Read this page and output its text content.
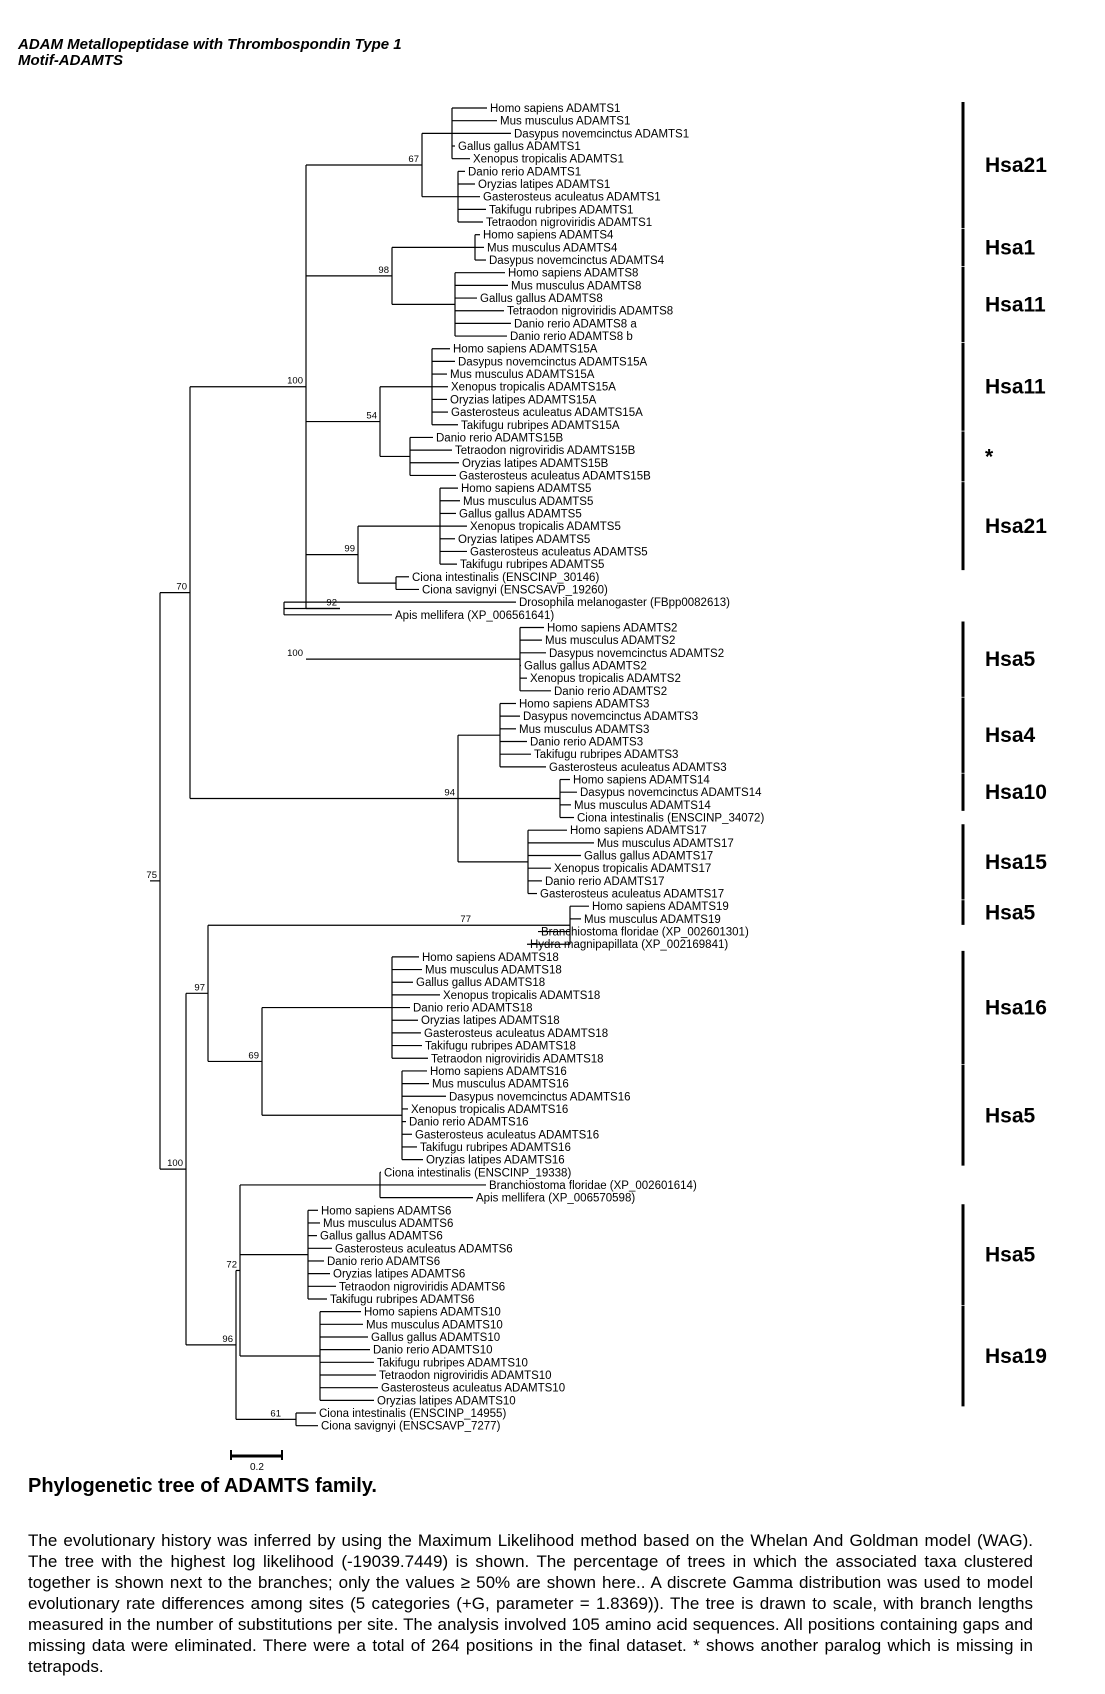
ADAM Metallopeptidase with Thrombospondin Type 1
Motif-ADAMTS
Homo sapiens ADAMTS1
Mus musculus ADAMTS1
Dasypus novemcinctus ADAMTS1
Gallus gallus ADAMTS1
Xenopus tropicalis ADAMTS1
Danio rerio ADAMTS1
Oryzias latipes ADAMTS1
Gasterosteus aculeatus ADAMTS1
Takifugu rubripes ADAMTS1
Tetraodon nigroviridis ADAMTS1
Homo sapiens ADAMTS4
Mus musculus ADAMTS4
Dasypus novemcinctus ADAMTS4
Homo sapiens ADAMTS8
Mus musculus ADAMTS8
Gallus gallus ADAMTS8
Tetraodon nigroviridis ADAMTS8
Danio rerio ADAMTS8 a
Danio rerio ADAMTS8 b
Homo sapiens ADAMTS15A
Dasypus novemcinctus ADAMTS15A
Mus musculus ADAMTS15A
Xenopus tropicalis ADAMTS15A
Oryzias latipes ADAMTS15A
Gasterosteus aculeatus ADAMTS15A
Takifugu rubripes ADAMTS15A
Danio rerio ADAMTS15B
Tetraodon nigroviridis ADAMTS15B
Oryzias latipes ADAMTS15B
Gasterosteus aculeatus ADAMTS15B
Homo sapiens ADAMTS5
Mus musculus ADAMTS5
Gallus gallus ADAMTS5
Xenopus tropicalis ADAMTS5
Oryzias latipes ADAMTS5
Gasterosteus aculeatus ADAMTS5
Takifugu rubripes ADAMTS5
Ciona intestinalis (ENSCINP_30146)
Ciona savignyi (ENSCSAVP_19260)
Drosophila melanogaster (FBpp0082613)
Apis mellifera (XP_006561641)
Homo sapiens ADAMTS2
Mus musculus ADAMTS2
Dasypus novemcinctus ADAMTS2
Gallus gallus ADAMTS2
Xenopus tropicalis ADAMTS2
Danio rerio ADAMTS2
Homo sapiens ADAMTS3
Dasypus novemcinctus ADAMTS3
Mus musculus ADAMTS3
Danio rerio ADAMTS3
Takifugu rubripes ADAMTS3
Gasterosteus aculeatus ADAMTS3
Homo sapiens ADAMTS14
Dasypus novemcinctus ADAMTS14
Mus musculus ADAMTS14
Ciona intestinalis (ENSCINP_34072)
Homo sapiens ADAMTS17
Mus musculus ADAMTS17
Gallus gallus ADAMTS17
Xenopus tropicalis ADAMTS17
Danio rerio ADAMTS17
Gasterosteus aculeatus ADAMTS17
Homo sapiens ADAMTS19
Mus musculus ADAMTS19
Branchiostoma floridae (XP_002601301)
Hydra magnipapillata (XP_002169841)
Homo sapiens ADAMTS18
Mus musculus ADAMTS18
Gallus gallus ADAMTS18
Xenopus tropicalis ADAMTS18
Danio rerio ADAMTS18
Oryzias latipes ADAMTS18
Gasterosteus aculeatus ADAMTS18
Takifugu rubripes ADAMTS18
Tetraodon nigroviridis ADAMTS18
Homo sapiens ADAMTS16
Mus musculus ADAMTS16
Dasypus novemcinctus ADAMTS16
Xenopus tropicalis ADAMTS16
Danio rerio ADAMTS16
Gasterosteus aculeatus ADAMTS16
Takifugu rubripes ADAMTS16
Oryzias latipes ADAMTS16
Ciona intestinalis (ENSCINP_19338)
Branchiostoma floridae (XP_002601614)
Apis mellifera (XP_006570598)
Homo sapiens ADAMTS6
Mus musculus ADAMTS6
Gallus gallus ADAMTS6
Gasterosteus aculeatus ADAMTS6
Danio rerio ADAMTS6
Oryzias latipes ADAMTS6
Tetraodon nigroviridis ADAMTS6
Takifugu rubripes ADAMTS6
Homo sapiens ADAMTS10
Mus musculus ADAMTS10
Gallus gallus ADAMTS10
Danio rerio ADAMTS10
Takifugu rubripes ADAMTS10
Tetraodon nigroviridis ADAMTS10
Gasterosteus aculeatus ADAMTS10
Oryzias latipes ADAMTS10
Ciona intestinalis (ENSCINP_14955)
Ciona savignyi (ENSCSAVP_7277)
67
98
54
99
92
100
94
77
69
72
61
100
70
97
96
100
75
Hsa21
Hsa1
Hsa11
Hsa11
*
Hsa21
Hsa5
Hsa4
Hsa10
Hsa15
Hsa5
Hsa16
Hsa5
Hsa5
Hsa19
0.2
Phylogenetic tree of ADAMTS family.
The evolutionary history was inferred by using the Maximum Likelihood method based on the Whelan And Goldman model (WAG). The tree with the highest log likelihood (-19039.7449) is shown. The percentage of trees in which the associated taxa clustered together is shown next to the branches; only the values ≥ 50% are shown here.. A discrete Gamma distribution was used to model evolutionary rate differences among sites (5 categories (+G, parameter = 1.8369)). The tree is drawn to scale, with branch lengths measured in the number of substitutions per site. The analysis involved 105 amino acid sequences. All positions containing gaps and missing data were eliminated. There were a total of 264 positions in the final dataset. * shows another paralog which is missing in tetrapods.
